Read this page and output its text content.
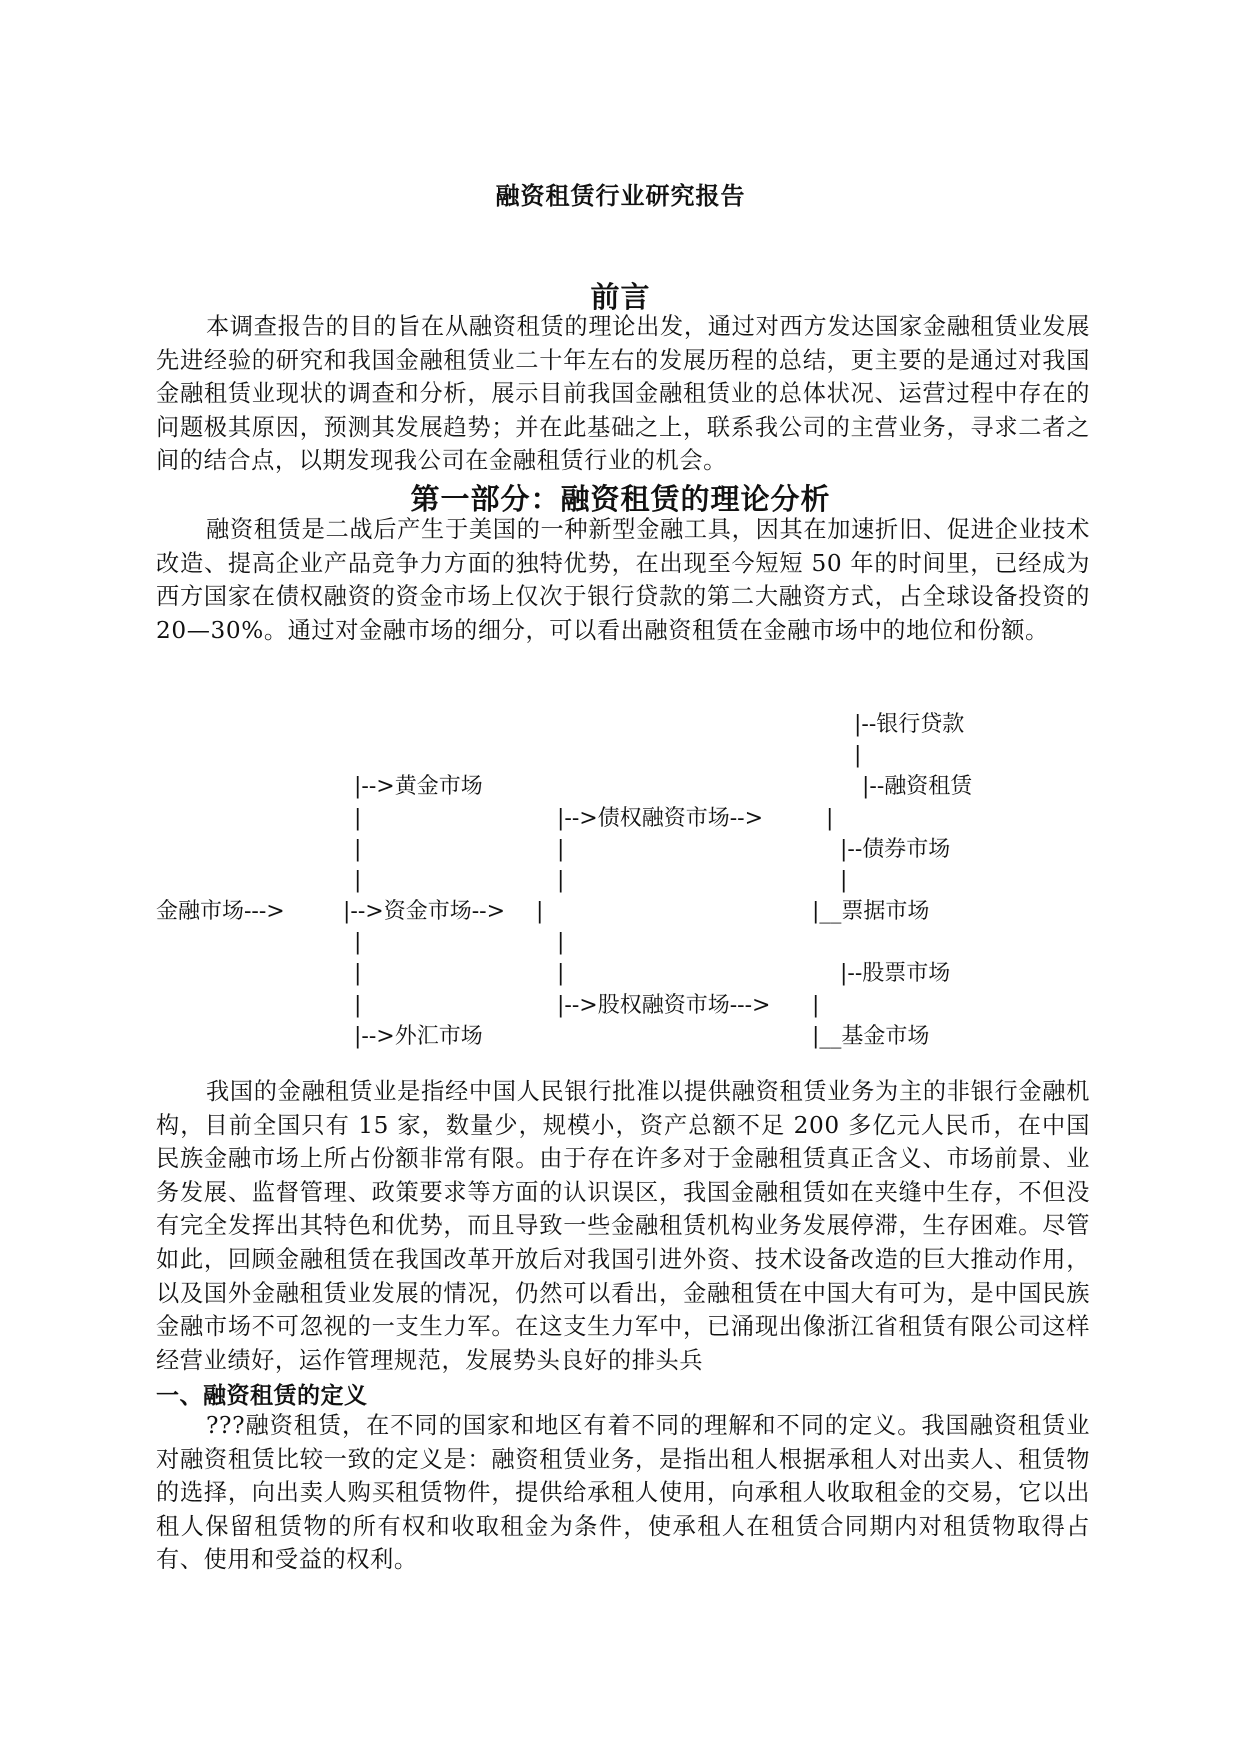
融资租赁行业研究报告
前言

本调查报告的目的旨在从融资租赁的理论出发，通过对西方发达国家金融租赁业发展先进经验的研究和我国金融租赁业二十年左右的发展历程的总结，更主要的是通过对我国金融租赁业现状的调查和分析，展示目前我国金融租赁业的总体状况、运营过程中存在的问题极其原因，预测其发展趋势；并在此基础之上，联系我公司的主营业务，寻求二者之间的结合点，以期发现我公司在金融租赁行业的机会。

第一部分：融资租赁的理论分析

融资租赁是二战后产生于美国的一种新型金融工具，因其在加速折旧、促进企业技术改造、提高企业产品竞争力方面的独特优势，在出现至今短短 50 年的时间里，已经成为西方国家在债权融资的资金市场上仅次于银行贷款的第二大融资方式，占全球设备投资的 20—30%。通过对金融市场的细分，可以看出融资租赁在金融市场中的地位和份额。

|--银行贷款
|
|-->黄金市场	|--融资租赁
|	|-->债权融资市场-->	|
|	|	|--债券市场
|	|	|
金融市场--->	|-->资金市场--> |	|__票据市场
|	|
|	|	|--股票市场
|	|-->股权融资市场---> |
|-->外汇市场	|__基金市场

我国的金融租赁业是指经中国人民银行批准以提供融资租赁业务为主的非银行金融机构，目前全国只有 15 家，数量少，规模小，资产总额不足 200 多亿元人民币，在中国民族金融市场上所占份额非常有限。由于存在许多对于金融租赁真正含义、市场前景、业务发展、监督管理、政策要求等方面的认识误区，我国金融租赁如在夹缝中生存，不但没有完全发挥出其特色和优势，而且导致一些金融租赁机构业务发展停滞，生存困难。尽管如此，回顾金融租赁在我国改革开放后对我国引进外资、技术设备改造的巨大推动作用，以及国外金融租赁业发展的情况，仍然可以看出，金融租赁在中国大有可为，是中国民族金融市场不可忽视的一支生力军。在这支生力军中，已涌现出像浙江省租赁有限公司这样经营业绩好，运作管理规范，发展势头良好的排头兵

一、融资租赁的定义

???融资租赁，在不同的国家和地区有着不同的理解和不同的定义。我国融资租赁业对融资租赁比较一致的定义是：融资租赁业务，是指出租人根据承租人对出卖人、租赁物的选择，向出卖人购买租赁物件，提供给承租人使用，向承租人收取租金的交易，它以出租人保留租赁物的所有权和收取租金为条件，使承租人在租赁合同期内对租赁物取得占有、使用和受益的权利。
